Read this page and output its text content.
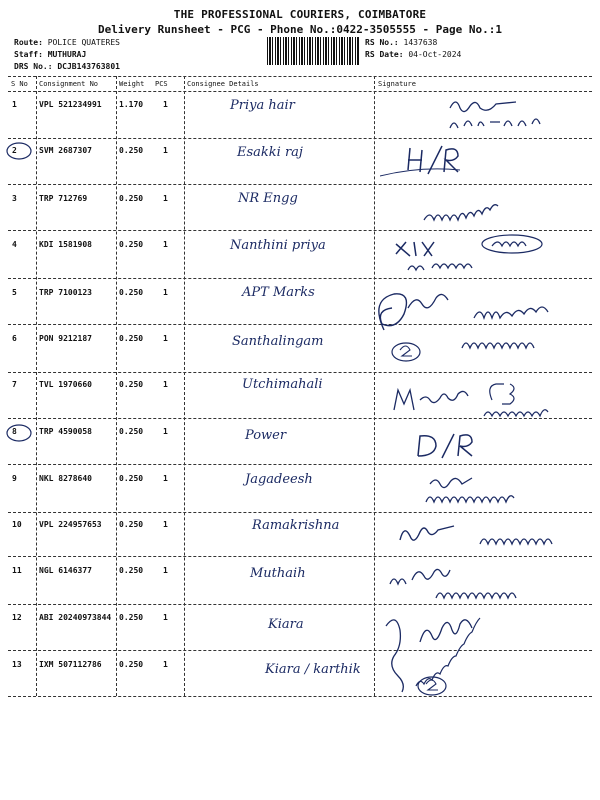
THE PROFESSIONAL COURIERS, COIMBATORE
Delivery Runsheet - PCG - Phone No.:0422-3505555 - Page No.:1
Route: POLICE QUATERES
Staff: MUTHURAJ
DRS No.: DCJB143763801
RS No.: 1437638
RS Date: 04-Oct-2024
S No Consignment No	Weight PCS	Consignee Details	Signature
1	VPL 521234991 1.170 1	Priya hair
2	SVM 2687307	0.250 1	Esakki raj
3	TRP 712769	0.250 1	NR Engg
4	KDI 1581908	0.250 1	Nanthini priya
5	TRP 7100123	0.250 1	APT Marks
6	PON 9212187	0.250 1	Santhalingam
7	TVL 1970660	0.250 1	Utchimahali
8	TRP 4590058	0.250 1	Power
9	NKL 8278640	0.250 1	Jagadeesh
10 VPL 224957653 0.250 1	Ramakrishna
11 NGL 6146377	0.250 1	Muthaih
12 ABI 20240973844 0.250 1	Kiara
13 IXM 507112786 0.250 1	Kiara / karthik
